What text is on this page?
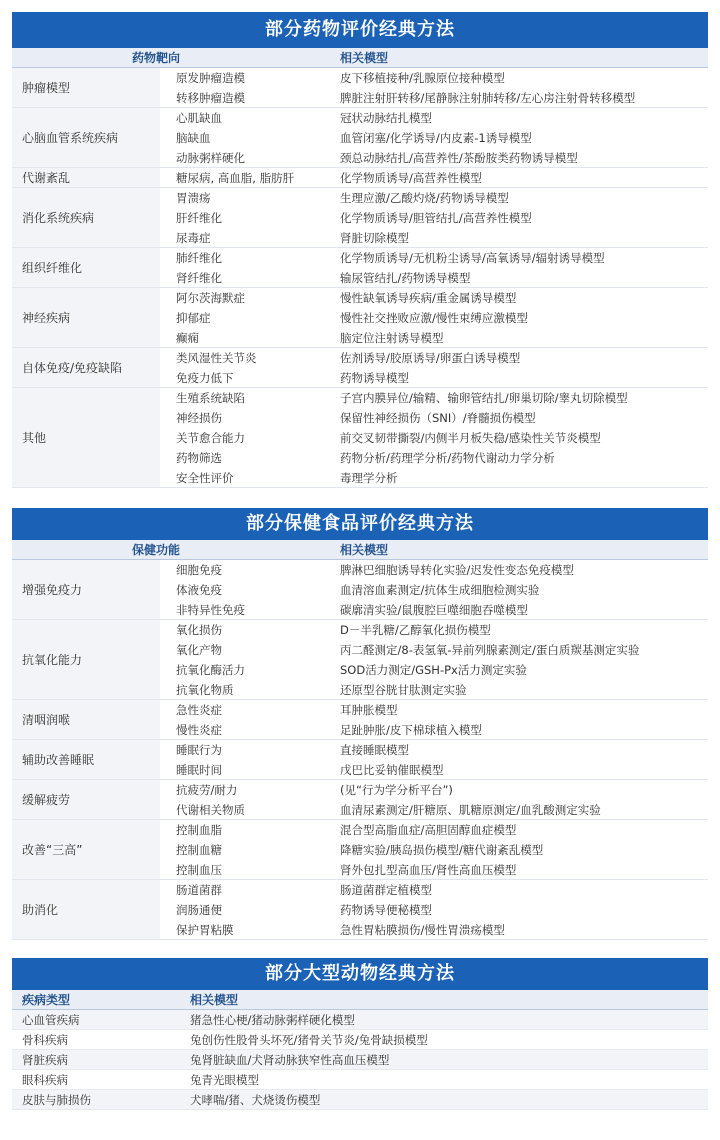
部分药物评价经典方法
药物靶向	相关模型
肿瘤模型
原发肿瘤造模	皮下移植接种/乳腺原位接种模型
转移肿瘤造模	脾脏注射肝转移/尾静脉注射肺转移/左心房注射骨转移模型
心脑血管系统疾病
心肌缺血	冠状动脉结扎模型
脑缺血	血管闭塞/化学诱导/内皮素-1诱导模型
动脉粥样硬化	颈总动脉结扎/高营养性/茶酚胺类药物诱导模型
代谢紊乱	糖尿病, 高血脂, 脂肪肝	化学物质诱导/高营养性模型
消化系统疾病
胃溃疡	生理应激/乙酸灼烧/药物诱导模型
肝纤维化	化学物质诱导/胆管结扎/高营养性模型
尿毒症	肾脏切除模型
组织纤维化
肺纤维化	化学物质诱导/无机粉尘诱导/高氧诱导/辐射诱导模型
肾纤维化	输尿管结扎/药物诱导模型
神经疾病
阿尔茨海默症	慢性缺氧诱导疾病/重金属诱导模型
抑郁症	慢性社交挫败应激/慢性束缚应激模型
癫痫	脑定位注射诱导模型
自体免疫/免疫缺陷
类风湿性关节炎	佐剂诱导/胶原诱导/卵蛋白诱导模型
免疫力低下	药物诱导模型
其他
生殖系统缺陷	子宫内膜异位/输精、输卵管结扎/卵巢切除/睾丸切除模型
神经损伤	保留性神经损伤（SNI）/脊髓损伤模型
关节愈合能力	前交叉韧带撕裂/内侧半月板失稳/感染性关节炎模型
药物筛选	药物分析/药理学分析/药物代谢动力学分析
安全性评价	毒理学分析
部分保健食品评价经典方法
保健功能	相关模型
增强免疫力
细胞免疫	脾淋巴细胞诱导转化实验/迟发性变态免疫模型
体液免疫	血清溶血素测定/抗体生成细胞检测实验
非特异性免疫	碳廓清实验/鼠腹腔巨噬细胞吞噬模型
抗氧化能力
氧化损伤	D－半乳糖/乙醇氧化损伤模型
氧化产物	丙二醛测定/8-表氢氧-异前列腺素测定/蛋白质羰基测定实验
抗氧化酶活力	SOD活力测定/GSH-Px活力测定实验
抗氧化物质	还原型谷胱甘肽测定实验
清咽润喉
急性炎症	耳肿胀模型
慢性炎症	足趾肿胀/皮下棉球植入模型
辅助改善睡眠
睡眠行为	直接睡眠模型
睡眠时间	戊巴比妥钠催眠模型
缓解疲劳
抗疲劳/耐力	(见“行为学分析平台”)
代谢相关物质	血清尿素测定/肝糖原、肌糖原测定/血乳酸测定实验
改善“三高”
控制血脂	混合型高脂血症/高胆固醇血症模型
控制血糖	降糖实验/胰岛损伤模型/糖代谢紊乱模型
控制血压	肾外包扎型高血压/肾性高血压模型
助消化
肠道菌群	肠道菌群定植模型
润肠通便	药物诱导便秘模型
保护胃粘膜	急性胃粘膜损伤/慢性胃溃疡模型
部分大型动物经典方法
疾病类型	相关模型
心血管疾病	猪急性心梗/猪动脉粥样硬化模型
骨科疾病	兔创伤性股骨头坏死/猪骨关节炎/兔骨缺损模型
肾脏疾病	兔肾脏缺血/犬肾动脉狭窄性高血压模型
眼科疾病	兔青光眼模型
皮肤与肺损伤	犬哮喘/猪、犬烧烫伤模型
